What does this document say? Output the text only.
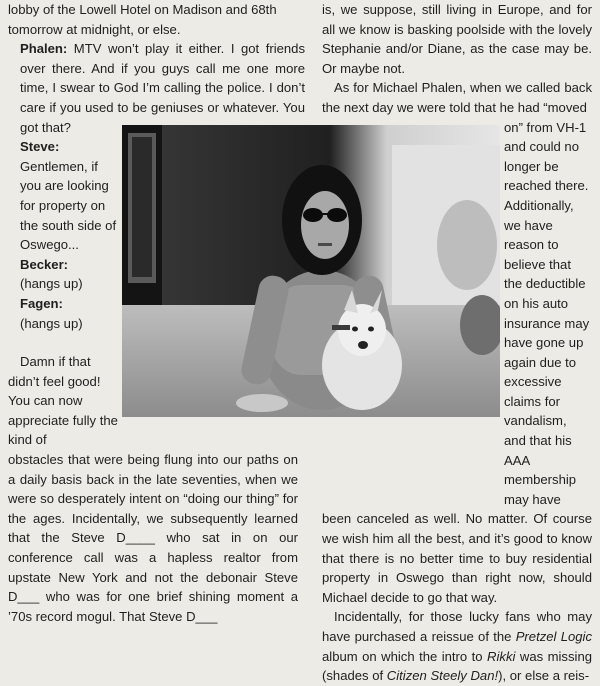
lobby of the Lowell Hotel on Madison and 68th

tomorrow at midnight, or else.

Phalen: MTV won’t play it either. I got friends over there. And if you guys call me one more time, I swear to God I’m calling the police. I don’t care if you used to be geniuses or whatever. You got that?

Steve: Gentlemen, if you are looking for property on the south side of Oswego...

Becker:

(hangs up)

Fagen:

(hangs up)

Damn if that didn’t feel good! You can now appreciate fully the kind of

obstacles that were being flung into our paths on a daily basis back in the late seventies, when we were so desperately intent on “doing our thing” for the ages. Incidentally, we subsequently learned that the Steve D____ who sat in on our conference call was a hapless realtor from upstate New York and not the debonair Steve D___ who was for one brief shining moment a ’70s record mogul. That Steve D___

is, we suppose, still living in Europe, and for all we know is basking poolside with the lovely Stephanie and/or Diane, as the case may be. Or maybe not.

As for Michael Phalen, when we called back the next day we were told that he had “moved

on” from VH-1 and could no longer be reached there. Additionally, we have reason to believe that the deductible on his auto insurance may have gone up again due to excessive claims for vandalism, and that his AAA membership may have

been canceled as well. No matter. Of course we wish him all the best, and it’s good to know that there is no better time to buy residential property in Oswego than right now, should Michael decide to go that way.

Incidentally, for those lucky fans who may have purchased a reissue of the Pretzel Logic album on which the intro to Rikki was missing (shades of Citizen Steely Dan!), or else a reis-
